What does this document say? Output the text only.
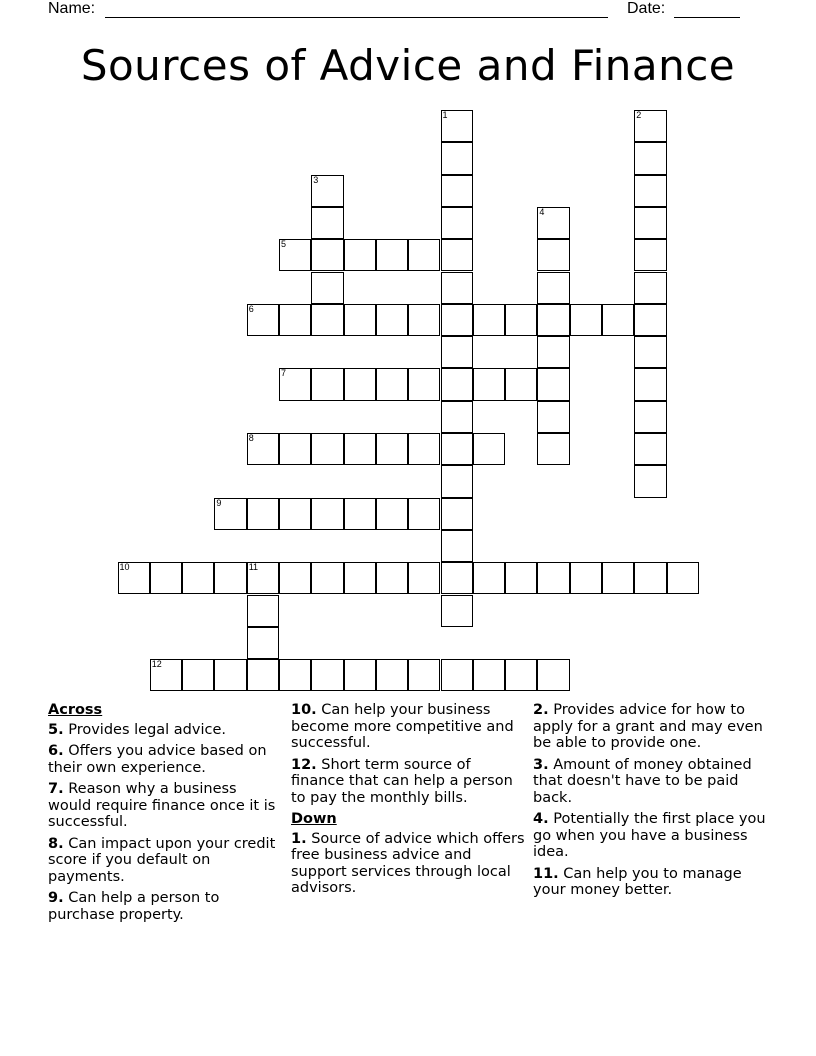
Name:	Date:
Sources of Advice and Finance
1	2
3
4
5
6
7
8
9
10	11
12
Across
5. Provides legal advice.
6. Offers you advice based on their own experience.
7. Reason why a business would require finance once it is successful.
8. Can impact upon your credit score if you default on payments.
9. Can help a person to purchase property.
10. Can help your business become more competitive and successful.
12. Short term source of finance that can help a person to pay the monthly bills.
Down
1. Source of advice which offers free business advice and support services through local advisors.
2. Provides advice for how to apply for a grant and may even be able to provide one.
3. Amount of money obtained that doesn't have to be paid back.
4. Potentially the first place you go when you have a business idea.
11. Can help you to manage your money better.
